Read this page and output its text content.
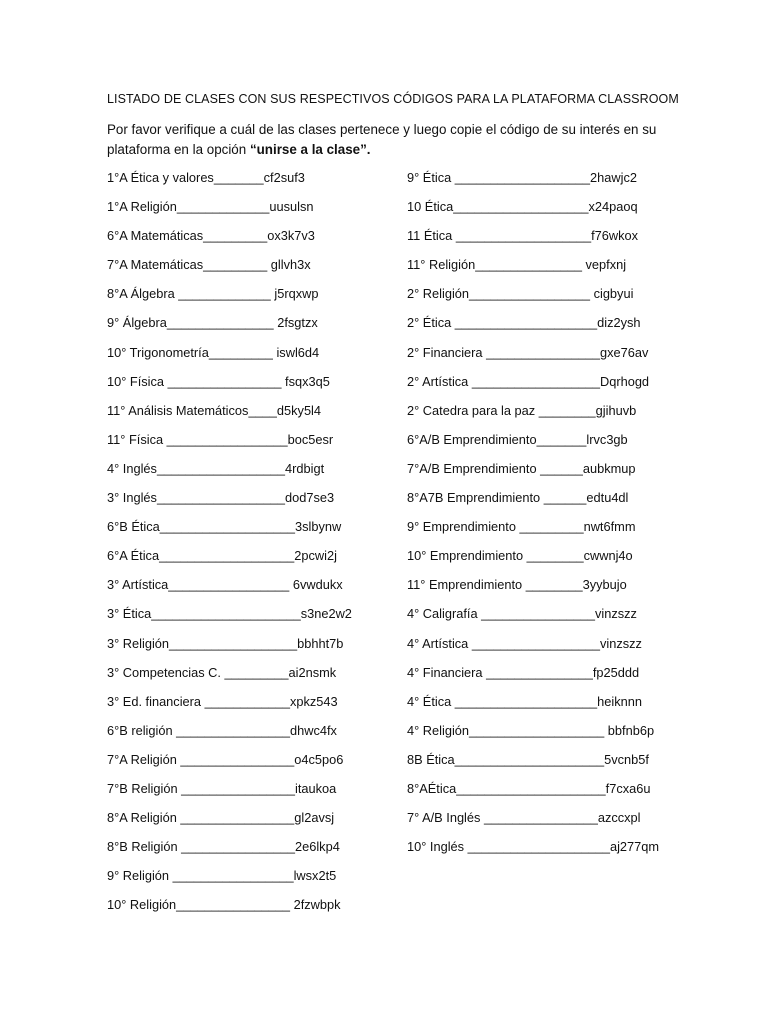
LISTADO DE CLASES CON SUS RESPECTIVOS CÓDIGOS PARA LA PLATAFORMA CLASSROOM
Por favor verifique a cuál de las clases pertenece y luego copie el código de su interés en su
plataforma en la opción “unirse a la clase”.
1°A Ética y valores_______cf2suf3
1°A Religión_____________uusulsn
6°A Matemáticas_________ox3k7v3
7°A Matemáticas_________ gllvh3x
8°A Álgebra _____________ j5rqxwp
9° Álgebra_______________ 2fsgtzx
10° Trigonometría_________ iswl6d4
10° Física ________________ fsqx3q5
11° Análisis Matemáticos____d5ky5l4
11° Física _________________boc5esr
4° Inglés__________________4rdbigt
3° Inglés__________________dod7se3
6°B Ética___________________3slbynw
6°A Ética___________________2pcwi2j
3° Artística_________________ 6vwdukx
3° Ética_____________________s3ne2w2
3° Religión__________________bbhht7b
3° Competencias C. _________ai2nsmk
3° Ed. financiera ____________xpkz543
6°B religión ________________dhwc4fx
7°A Religión ________________o4c5po6
7°B Religión ________________itaukoa
8°A Religión ________________gl2avsj
8°B Religión ________________2e6lkp4
9° Religión _________________lwsx2t5
10° Religión________________ 2fzwbpk
9° Ética ___________________2hawjc2
10 Ética___________________x24paoq
11 Ética ___________________f76wkox
11° Religión_______________ vepfxnj
2° Religión_________________ cigbyui
2° Ética ____________________diz2ysh
2° Financiera ________________gxe76av
2° Artística __________________Dqrhogd
2° Catedra para la paz ________gjihuvb
6°A/B Emprendimiento_______lrvc3gb
7°A/B Emprendimiento ______aubkmup
8°A7B Emprendimiento ______edtu4dl
9° Emprendimiento _________nwt6fmm
10° Emprendimiento ________cwwnj4o
11° Emprendimiento ________3yybujo
4° Caligrafía ________________vinzszz
4° Artística __________________vinzszz
4° Financiera _______________fp25ddd
4° Ética ____________________heiknnn
4° Religión___________________ bbfnb6p
8B Ética_____________________5vcnb5f
8°AÉtica_____________________f7cxa6u
7° A/B Inglés ________________azccxpl
10° Inglés ____________________aj277qm
